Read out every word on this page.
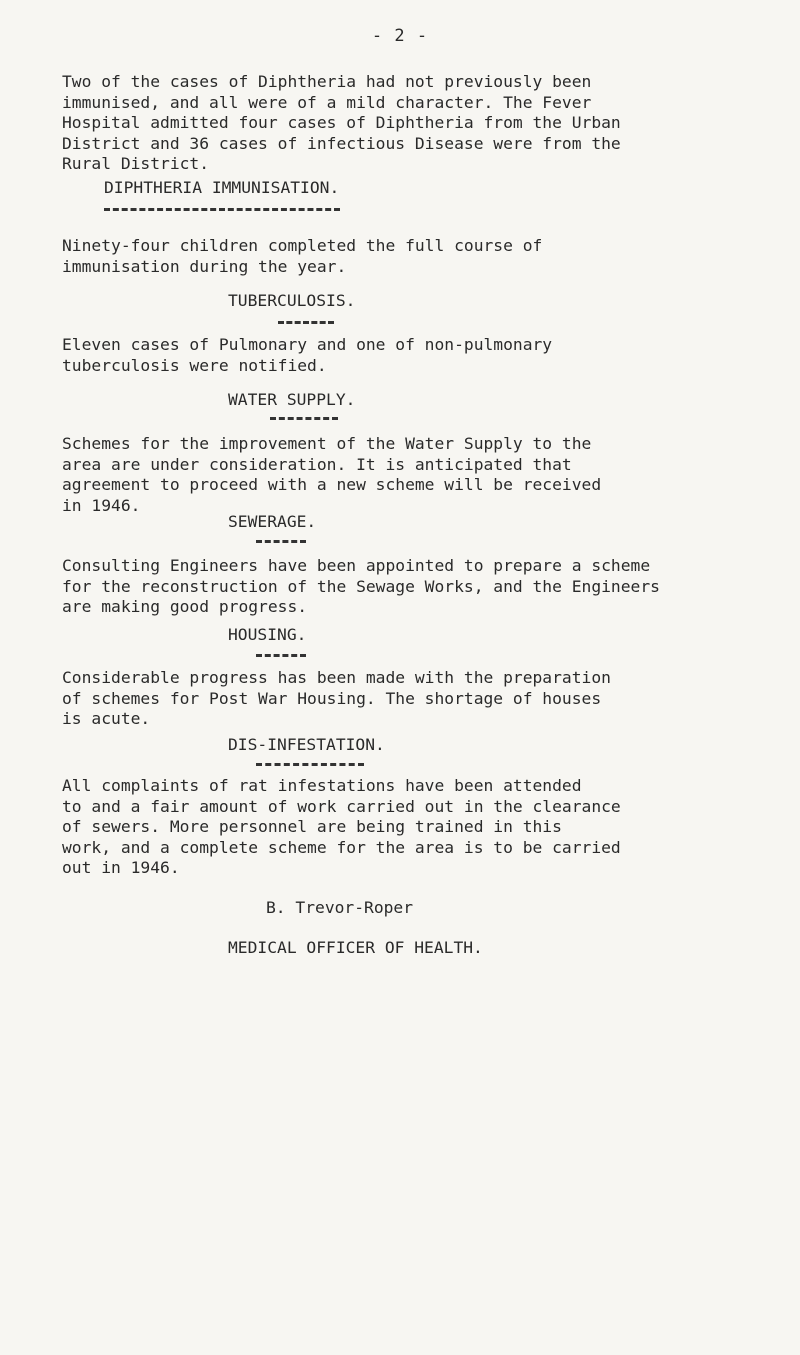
- 2 -

Two of the cases of Diphtheria had not previously been
immunised, and all were of a mild character. The Fever
Hospital admitted four cases of Diphtheria from the Urban
District and 36 cases of infectious Disease were from the
Rural District.

DIPHTHERIA IMMUNISATION.

Ninety-four children completed the full course of
immunisation during the year.

TUBERCULOSIS.

Eleven cases of Pulmonary and one of non-pulmonary
tuberculosis were notified.

WATER SUPPLY.

Schemes for the improvement of the Water Supply to the
area are under consideration. It is anticipated that
agreement to proceed with a new scheme will be received
in 1946.

SEWERAGE.

Consulting Engineers have been appointed to prepare a scheme
for the reconstruction of the Sewage Works, and the Engineers
are making good progress.

HOUSING.

Considerable progress has been made with the preparation
of schemes for Post War Housing. The shortage of houses
is acute.

DIS-INFESTATION.

All complaints of rat infestations have been attended
to and a fair amount of work carried out in the clearance
of sewers. More personnel are being trained in this
work, and a complete scheme for the area is to be carried
out in 1946.

B. Trevor-Roper
MEDICAL OFFICER OF HEALTH.
